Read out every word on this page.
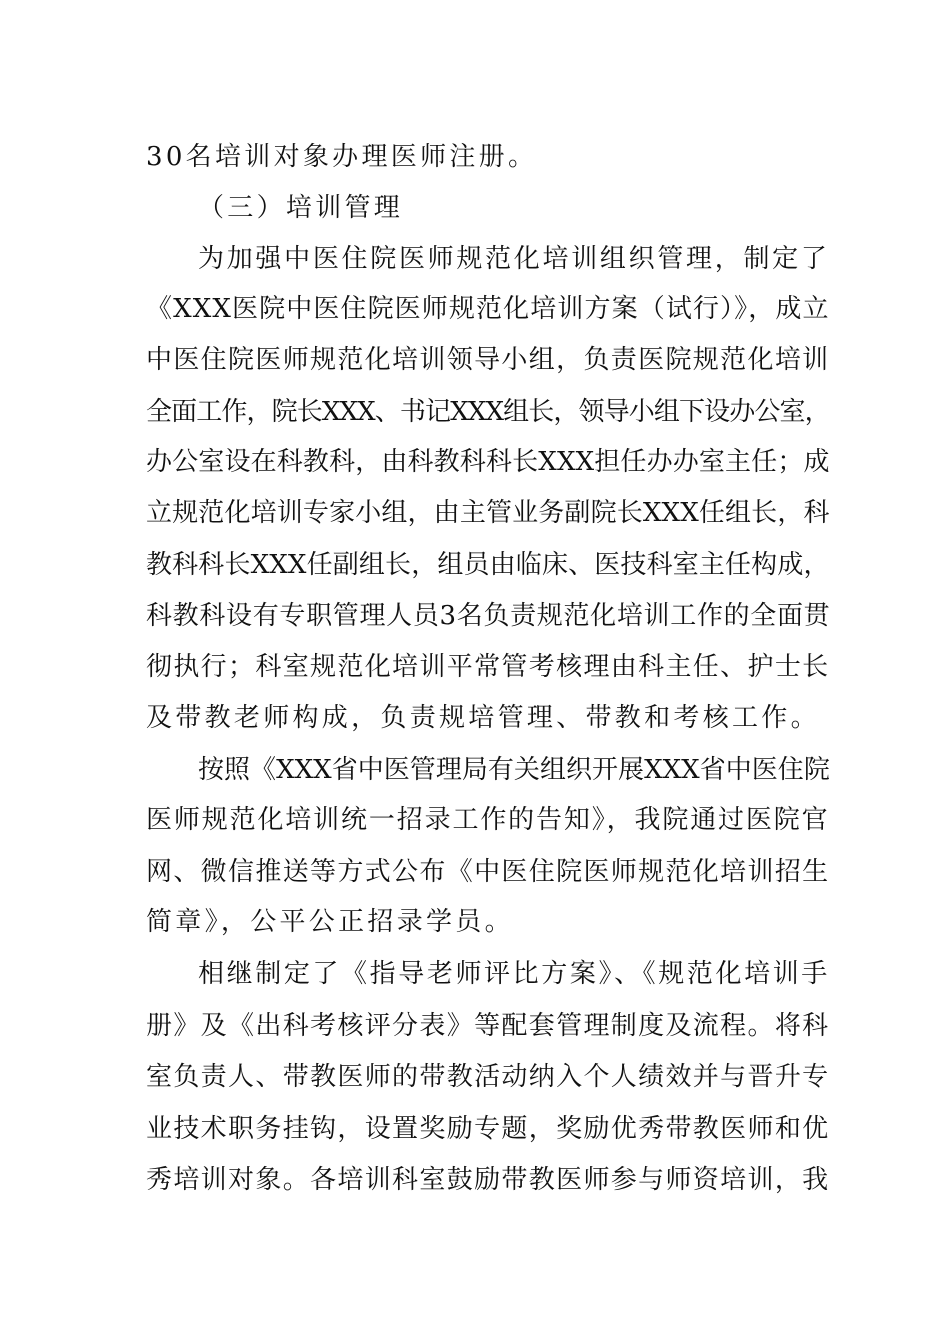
30名培训对象办理医师注册。
（三）培训管理
为加强中医住院医师规范化培训组织管理，制定了
《XXX医院中医住院医师规范化培训方案（试行）》，成立
中医住院医师规范化培训领导小组，负责医院规范化培训
全面工作，院长XXX、书记XXX组长，领导小组下设办公室，
办公室设在科教科，由科教科科长XXX担任办办室主任；成
立规范化培训专家小组，由主管业务副院长XXX任组长，科
教科科长XXX任副组长，组员由临床、医技科室主任构成，
科教科设有专职管理人员3名负责规范化培训工作的全面贯
彻执行；科室规范化培训平常管考核理由科主任、护士长
及带教老师构成，负责规培管理、带教和考核工作。
按照《XXX省中医管理局有关组织开展XXX省中医住院
医师规范化培训统一招录工作的告知》，我院通过医院官
网、微信推送等方式公布《中医住院医师规范化培训招生
简章》，公平公正招录学员。
相继制定了《指导老师评比方案》、《规范化培训手
册》及《出科考核评分表》等配套管理制度及流程。将科
室负责人、带教医师的带教活动纳入个人绩效并与晋升专
业技术职务挂钩，设置奖励专题，奖励优秀带教医师和优
秀培训对象。各培训科室鼓励带教医师参与师资培训，我
